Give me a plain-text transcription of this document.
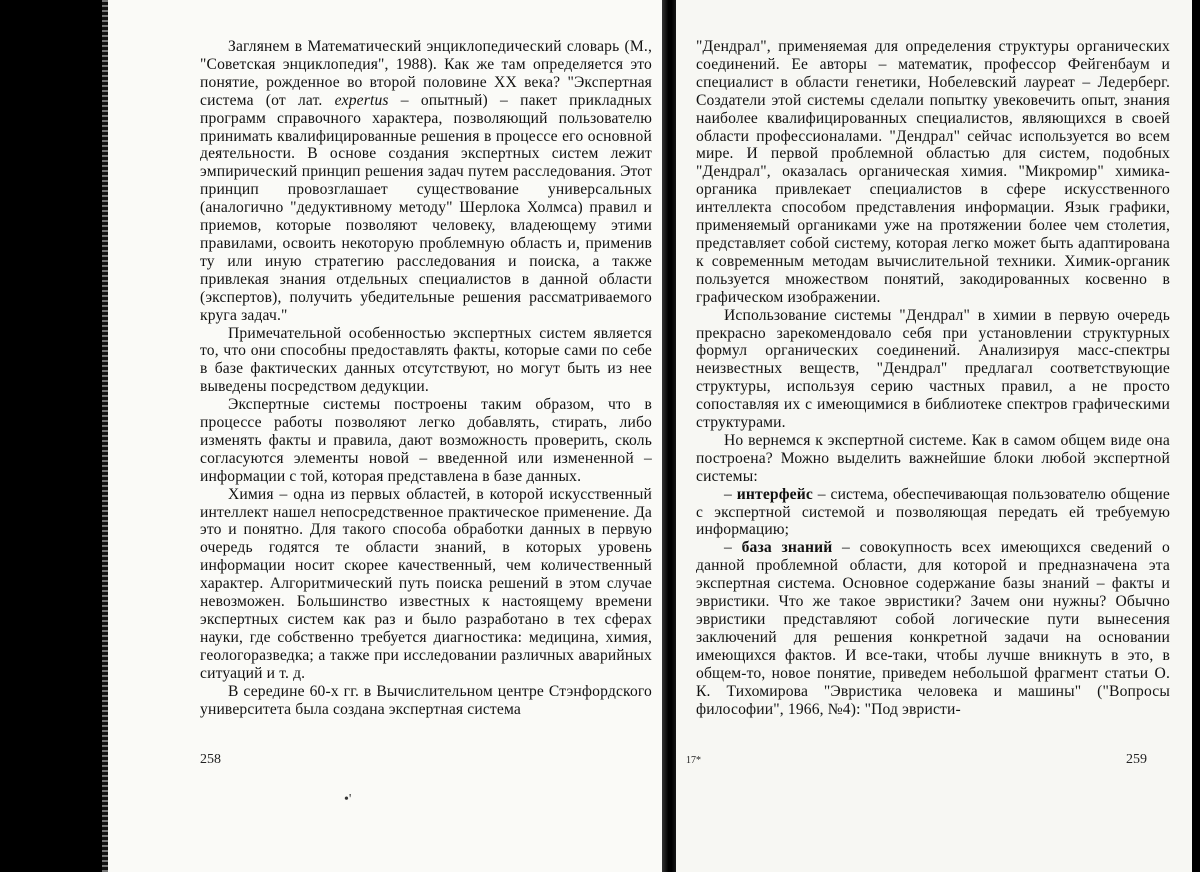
Заглянем в Математический энциклопедический словарь (М., "Советская энциклопедия", 1988). Как же там определяется это понятие, рожденное во второй половине XX века? "Экспертная система (от лат. expertus – опытный) – пакет прикладных программ справочного характера, позволяющий пользователю принимать квалифицированные решения в процессе его основной деятельности. В основе создания экспертных систем лежит эмпирический принцип решения задач путем расследования. Этот принцип провозглашает существование универсальных (аналогично "дедуктивному методу" Шерлока Холмса) правил и приемов, которые позволяют человеку, владеющему этими правилами, освоить некоторую проблемную область и, применив ту или иную стратегию расследования и поиска, а также привлекая знания отдельных специалистов в данной области (экспертов), получить убедительные решения рассматриваемого круга задач."

Примечательной особенностью экспертных систем является то, что они способны предоставлять факты, которые сами по себе в базе фактических данных отсутствуют, но могут быть из нее выведены посредством дедукции.

Экспертные системы построены таким образом, что в процессе работы позволяют легко добавлять, стирать, либо изменять факты и правила, дают возможность проверить, сколь согласуются элементы новой – введенной или измененной – информации с той, которая представлена в базе данных.

Химия – одна из первых областей, в которой искусственный интеллект нашел непосредственное практическое применение. Да это и понятно. Для такого способа обработки данных в первую очередь годятся те области знаний, в которых уровень информации носит скорее качественный, чем количественный характер. Алгоритмический путь поиска решений в этом случае невозможен. Большинство известных к настоящему времени экспертных систем как раз и было разработано в тех сферах науки, где собственно требуется диагностика: медицина, химия, геологоразведка; а также при исследовании различных аварийных ситуаций и т. д.

В середине 60-х гг. в Вычислительном центре Стэнфордского университета была создана экспертная система

258
•'

"Дендрал", применяемая для определения структуры органических соединений. Ее авторы – математик, профессор Фейгенбаум и специалист в области генетики, Нобелевский лауреат – Ледерберг. Создатели этой системы сделали попытку увековечить опыт, знания наиболее квалифицированных специалистов, являющихся в своей области профессионалами. "Дендрал" сейчас используется во всем мире. И первой проблемной областью для систем, подобных "Дендрал", оказалась органическая химия. "Микромир" химика-органика привлекает специалистов в сфере искусственного интеллекта способом представления информации. Язык графики, применяемый органиками уже на протяжении более чем столетия, представляет собой систему, которая легко может быть адаптирована к современным методам вычислительной техники. Химик-органик пользуется множеством понятий, закодированных косвенно в графическом изображении.

Использование системы "Дендрал" в химии в первую очередь прекрасно зарекомендовало себя при установлении структурных формул органических соединений. Анализируя масс-спектры неизвестных веществ, "Дендрал" предлагал соответствующие структуры, используя серию частных правил, а не просто сопоставляя их с имеющимися в библиотеке спектров графическими структурами.

Но вернемся к экспертной системе. Как в самом общем виде она построена? Можно выделить важнейшие блоки любой экспертной системы:

– интерфейс – система, обеспечивающая пользователю общение с экспертной системой и позволяющая передать ей требуемую информацию;

– база знаний – совокупность всех имеющихся сведений о данной проблемной области, для которой и предназначена эта экспертная система. Основное содержание базы знаний – факты и эвристики. Что же такое эвристики? Зачем они нужны? Обычно эвристики представляют собой логические пути вынесения заключений для решения конкретной задачи на основании имеющихся фактов. И все-таки, чтобы лучше вникнуть в это, в общем-то, новое понятие, приведем небольшой фрагмент статьи О. К. Тихомирова "Эвристика человека и машины" ("Вопросы философии", 1966, №4): "Под эвристи-

17*	259
